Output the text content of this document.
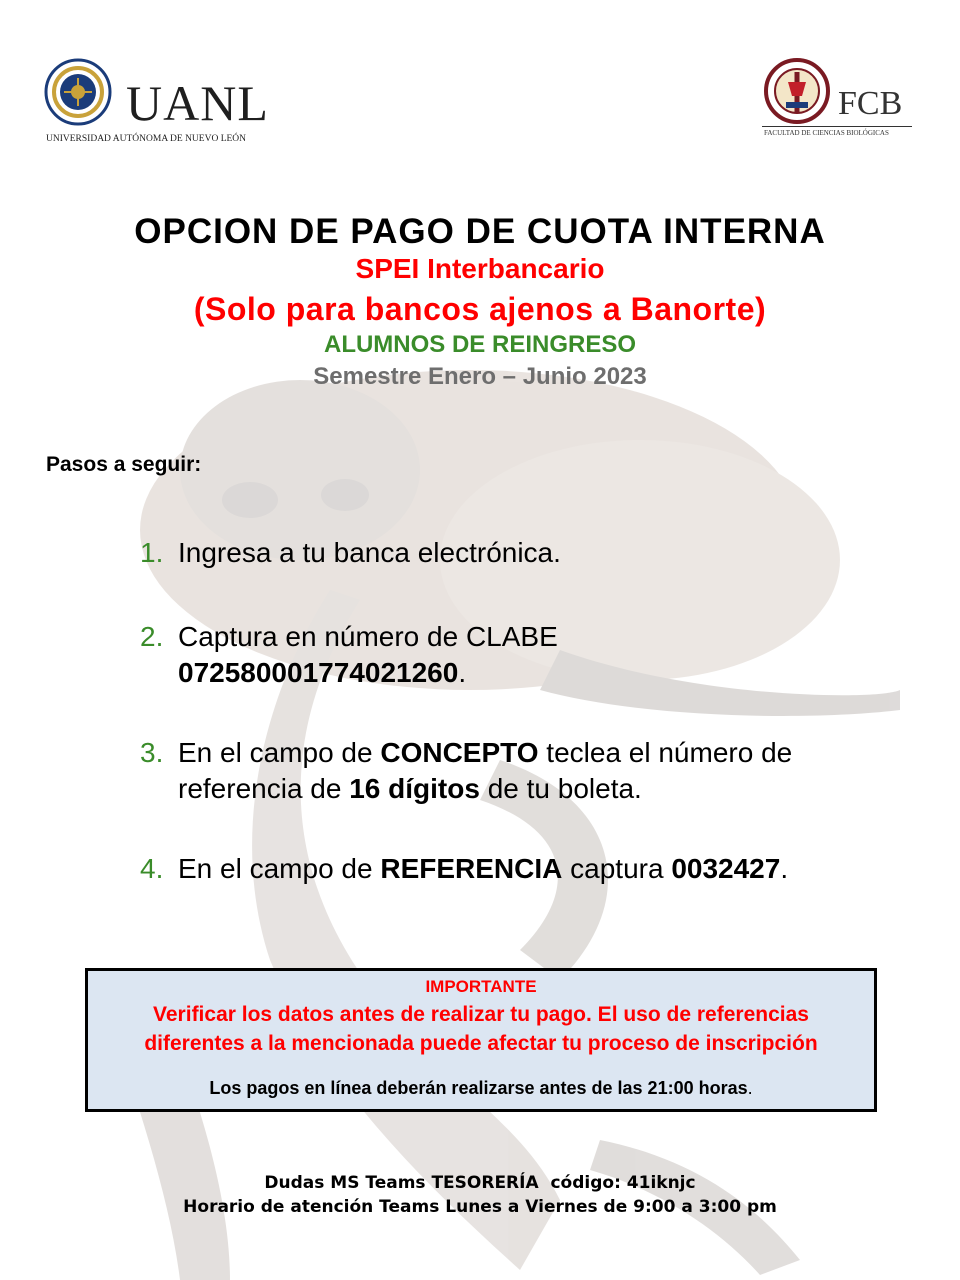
UANL
UNIVERSIDAD AUTÓNOMA DE NUEVO LEÓN
FCB
FACULTAD DE CIENCIAS BIOLÓGICAS
OPCION DE PAGO DE CUOTA INTERNA
SPEI Interbancario
(Solo para bancos ajenos a Banorte)
ALUMNOS DE REINGRESO
Semestre Enero – Junio 2023
Pasos a seguir:
1. Ingresa a tu banca electrónica.
2. Captura en número de CLABE
072580001774021260.
3. En el campo de CONCEPTO teclea el número de referencia de 16 dígitos de tu boleta.
4. En el campo de REFERENCIA captura 0032427.
IMPORTANTE
Verificar los datos antes de realizar tu pago. El uso de referencias
diferentes a la mencionada puede afectar tu proceso de inscripción
Los pagos en línea deberán realizarse antes de las 21:00 horas.
Dudas MS Teams TESORERÍA  código: 41iknjc
Horario de atención Teams Lunes a Viernes de 9:00 a 3:00 pm
